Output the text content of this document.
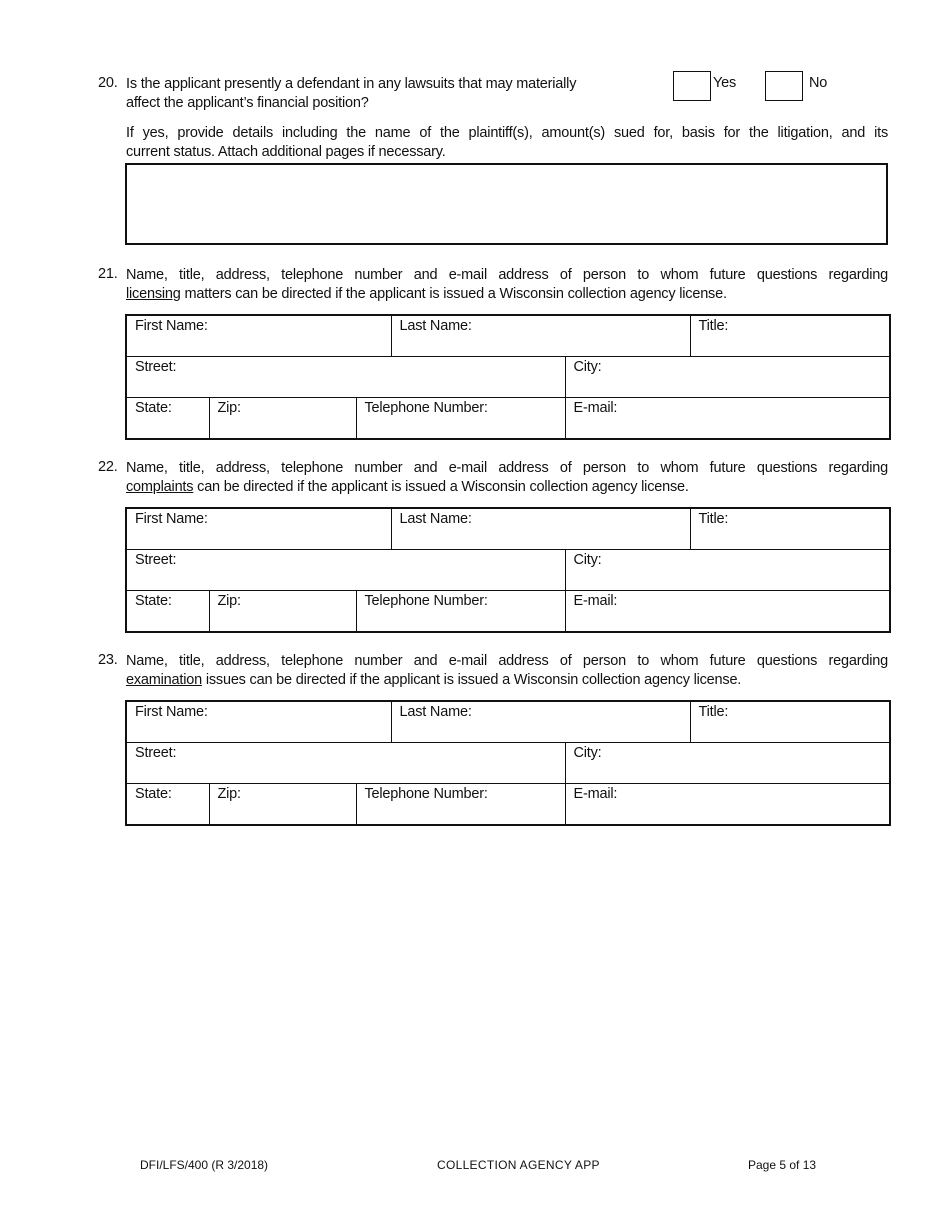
20. Is the applicant presently a defendant in any lawsuits that may materially
affect the applicant’s financial position?
Yes	No
If yes, provide details including the name of the plaintiff(s), amount(s) sued for, basis for the litigation, and its
current status. Attach additional pages if necessary.
21. Name, title, address, telephone number and e-mail address of person to whom future questions regarding
licensing matters can be directed if the applicant is issued a Wisconsin collection agency license.
First Name:			Last Name:		Title:
Street:				City:	
State:	Zip:	Telephone Number:		E-mail:	
22. Name, title, address, telephone number and e-mail address of person to whom future questions regarding
complaints can be directed if the applicant is issued a Wisconsin collection agency license.
First Name:			Last Name:		Title:
Street:				City:	
State:	Zip:	Telephone Number:		E-mail:	
23. Name, title, address, telephone number and e-mail address of person to whom future questions regarding
examination issues can be directed if the applicant is issued a Wisconsin collection agency license.
First Name:			Last Name:		Title:
Street:				City:	
State:	Zip:	Telephone Number:		E-mail:	
DFI/LFS/400 (R 3/2018)	COLLECTION AGENCY APP	Page 5 of 13
